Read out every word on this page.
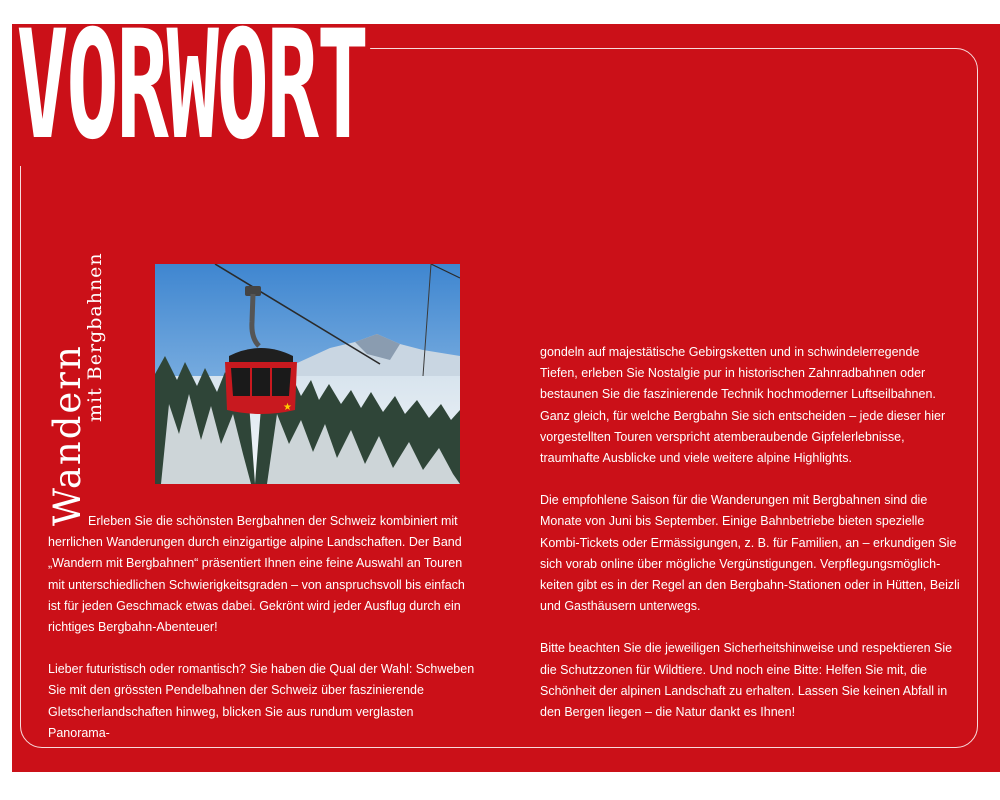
VORWORT
Wandern
mit Bergbahnen	★

Erleben Sie die schönsten Bergbahnen der Schweiz kombiniert mit herrlichen Wanderungen durch einzigartige alpine Landschaften. Der Band „Wandern mit Bergbahnen“ präsentiert Ihnen eine feine Auswahl an Touren mit unterschiedlichen Schwierigkeitsgraden – von anspruchsvoll bis einfach ist für jeden Geschmack etwas dabei. Gekrönt wird jeder Ausflug durch ein richtiges Bergbahn-Abenteuer!

Lieber futuristisch oder romantisch? Sie haben die Qual der Wahl: Schweben Sie mit den grössten Pendelbahnen der Schweiz über faszinierende Gletscherlandschaften hinweg, blicken Sie aus rundum verglasten Panorama-

gondeln auf majestätische Gebirgsketten und in schwindelerregende Tiefen, erleben Sie Nostalgie pur in historischen Zahnradbahnen oder bestaunen Sie die faszinierende Technik hochmoderner Luftseilbahnen. Ganz gleich, für welche Bergbahn Sie sich entscheiden – jede dieser hier vorgestellten Touren verspricht atemberaubende Gipfelerlebnisse, traumhafte Ausblicke und viele weitere alpine Highlights.

Die empfohlene Saison für die Wanderungen mit Bergbahnen sind die Monate von Juni bis September. Einige Bahnbetriebe bieten spezielle Kombi-Tickets oder Ermässigungen, z. B. für Familien, an – erkundigen Sie sich vorab online über mögliche Vergünstigungen. Verpflegungsmöglich-keiten gibt es in der Regel an den Bergbahn-Stationen oder in Hütten, Beizli und Gasthäusern unterwegs.

Bitte beachten Sie die jeweiligen Sicherheitshinweise und respektieren Sie die Schutzzonen für Wildtiere. Und noch eine Bitte: Helfen Sie mit, die Schönheit der alpinen Landschaft zu erhalten. Lassen Sie keinen Abfall in den Bergen liegen – die Natur dankt es Ihnen!
